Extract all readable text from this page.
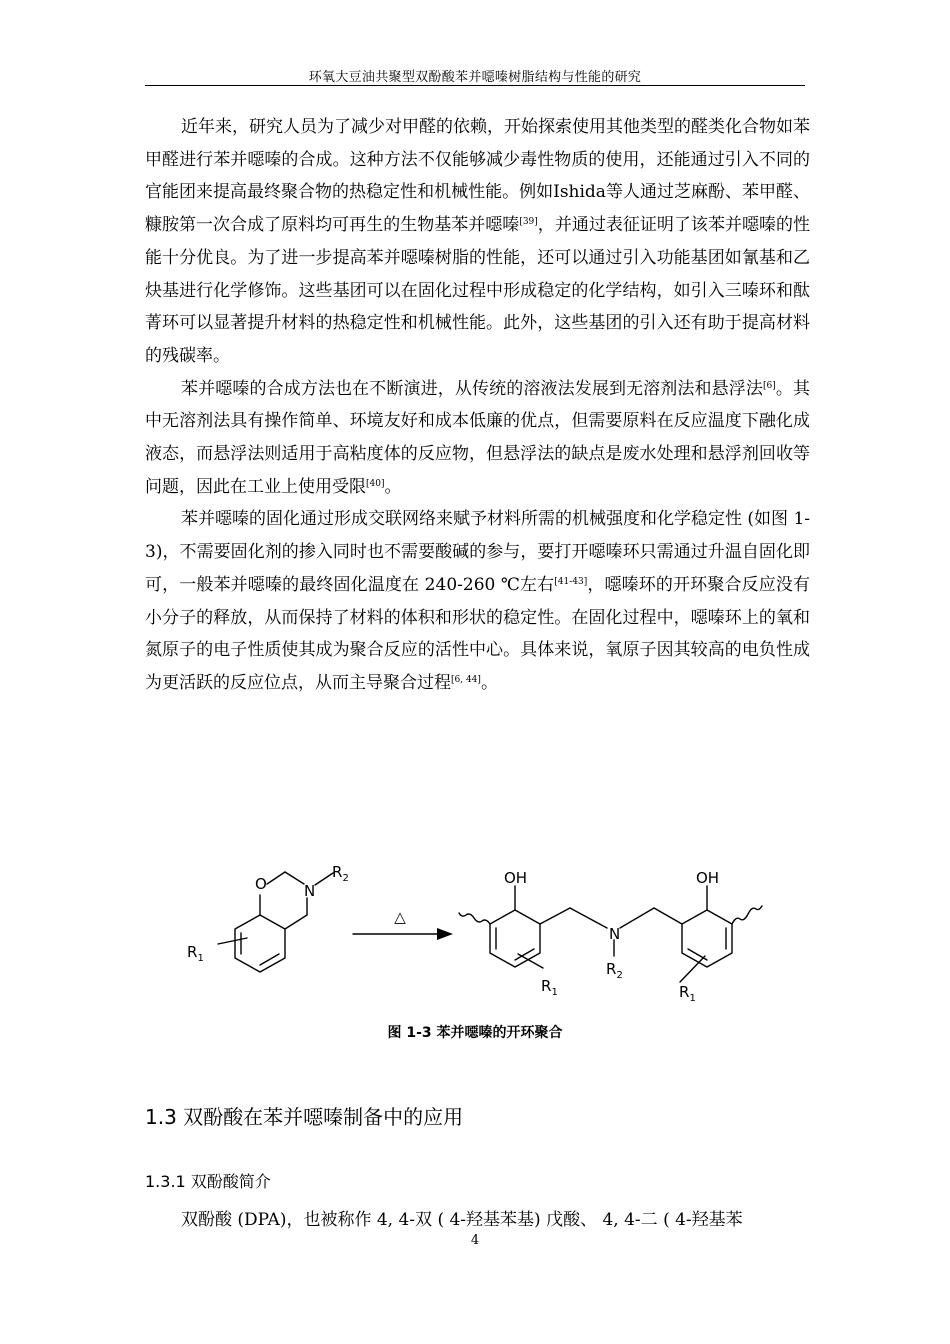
环氧大豆油共聚型双酚酸苯并噁嗪树脂结构与性能的研究

近年来，研究人员为了减少对甲醛的依赖，开始探索使用其他类型的醛类化合物如苯甲醛进行苯并噁嗪的合成。这种方法不仅能够减少毒性物质的使用，还能通过引入不同的官能团来提高最终聚合物的热稳定性和机械性能。例如Ishida等人通过芝麻酚、苯甲醛、糠胺第一次合成了原料均可再生的生物基苯并噁嗪[39]，并通过表征证明了该苯并噁嗪的性能十分优良。为了进一步提高苯并噁嗪树脂的性能，还可以通过引入功能基团如氰基和乙炔基进行化学修饰。这些基团可以在固化过程中形成稳定的化学结构，如引入三嗪环和酞菁环可以显著提升材料的热稳定性和机械性能。此外，这些基团的引入还有助于提高材料的残碳率。

苯并噁嗪的合成方法也在不断演进，从传统的溶液法发展到无溶剂法和悬浮法[6]。其中无溶剂法具有操作简单、环境友好和成本低廉的优点，但需要原料在反应温度下融化成液态，而悬浮法则适用于高粘度体的反应物，但悬浮法的缺点是废水处理和悬浮剂回收等问题，因此在工业上使用受限[40]。

苯并噁嗪的固化通过形成交联网络来赋予材料所需的机械强度和化学稳定性 (如图 1-3)，不需要固化剂的掺入同时也不需要酸碱的参与，要打开噁嗪环只需通过升温自固化即可，一般苯并噁嗪的最终固化温度在 240-260 ℃左右[41-43]，噁嗪环的开环聚合反应没有小分子的释放，从而保持了材料的体积和形状的稳定性。在固化过程中，噁嗪环上的氧和氮原子的电子性质使其成为聚合反应的活性中心。具体来说，氧原子因其较高的电负性成为更活跃的反应位点，从而主导聚合过程[6, 44]。

△
O N
$R_2$
$R_1$
OH	OH
N
$R_2$
$R_1$	$R_1$
图 1-3 苯并噁嗪的开环聚合
1.3 双酚酸在苯并噁嗪制备中的应用
1.3.1 双酚酸简介
双酚酸 (DPA)，也被称作 4, 4-双 ( 4-羟基苯基) 戊酸、 4, 4-二 ( 4-羟基苯
4
